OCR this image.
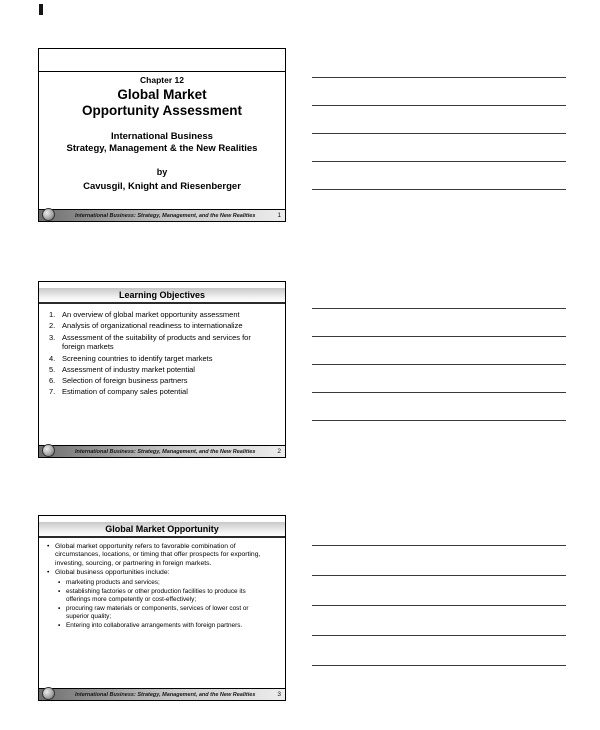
Chapter 12
Global Market
Opportunity Assessment
International Business
Strategy, Management & the New Realities
by
Cavusgil, Knight and Riesenberger
International Business: Strategy, Management, and the New Realities	1
Learning Objectives
1. An overview of global market opportunity assessment
2. Analysis of organizational readiness to internationalize
3. Assessment of the suitability of products and services for foreign markets
4. Screening countries to identify target markets
5. Assessment of industry market potential
6. Selection of foreign business partners
7. Estimation of company sales potential
International Business: Strategy, Management, and the New Realities	2
Global Market Opportunity
• Global market opportunity refers to favorable combination of circumstances, locations, or timing that offer prospects for exporting, investing, sourcing, or partnering in foreign markets.
• Global business opportunities include:
▪ marketing products and services;
▪ establishing factories or other production facilities to produce its offerings more competently or cost-effectively;
▪ procuring raw materials or components, services of lower cost or superior quality;
▪ Entering into collaborative arrangements with foreign partners.
International Business: Strategy, Management, and the New Realities	3
